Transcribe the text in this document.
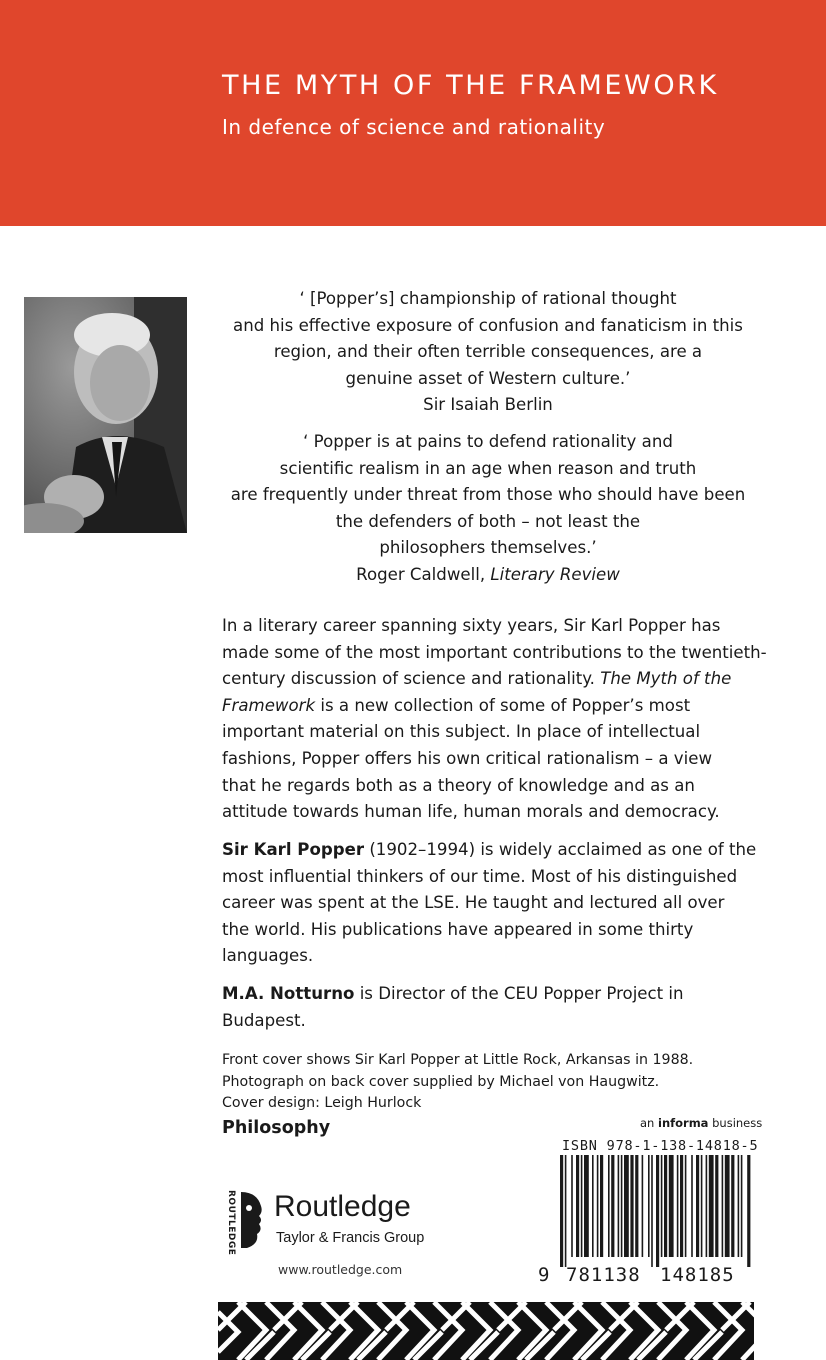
THE MYTH OF THE FRAMEWORK
In defence of science and rationality
‘ [Popper’s] championship of rational thought
and his effective exposure of confusion and fanaticism in this
region, and their often terrible consequences, are a
genuine asset of Western culture.’
Sir Isaiah Berlin
‘ Popper is at pains to defend rationality and
scientific realism in an age when reason and truth
are frequently under threat from those who should have been
the defenders of both – not least the
philosophers themselves.’
Roger Caldwell, Literary Review
In a literary career spanning sixty years, Sir Karl Popper has
made some of the most important contributions to the twentieth-
century discussion of science and rationality. The Myth of the
Framework is a new collection of some of Popper’s most
important material on this subject. In place of intellectual
fashions, Popper offers his own critical rationalism – a view
that he regards both as a theory of knowledge and as an
attitude towards human life, human morals and democracy.
Sir Karl Popper (1902–1994) is widely acclaimed as one of the
most influential thinkers of our time. Most of his distinguished
career was spent at the LSE. He taught and lectured all over
the world. His publications have appeared in some thirty
languages.
M.A. Notturno is Director of the CEU Popper Project in
Budapest.
Front cover shows Sir Karl Popper at Little Rock, Arkansas in 1988.
Photograph on back cover supplied by Michael von Haugwitz.
Cover design: Leigh Hurlock
Philosophy
ROUTLEDGE Routledge
Taylor & Francis Group
www.routledge.com
an informa business
ISBN 978-1-138-14818-5
9 781138 148185
